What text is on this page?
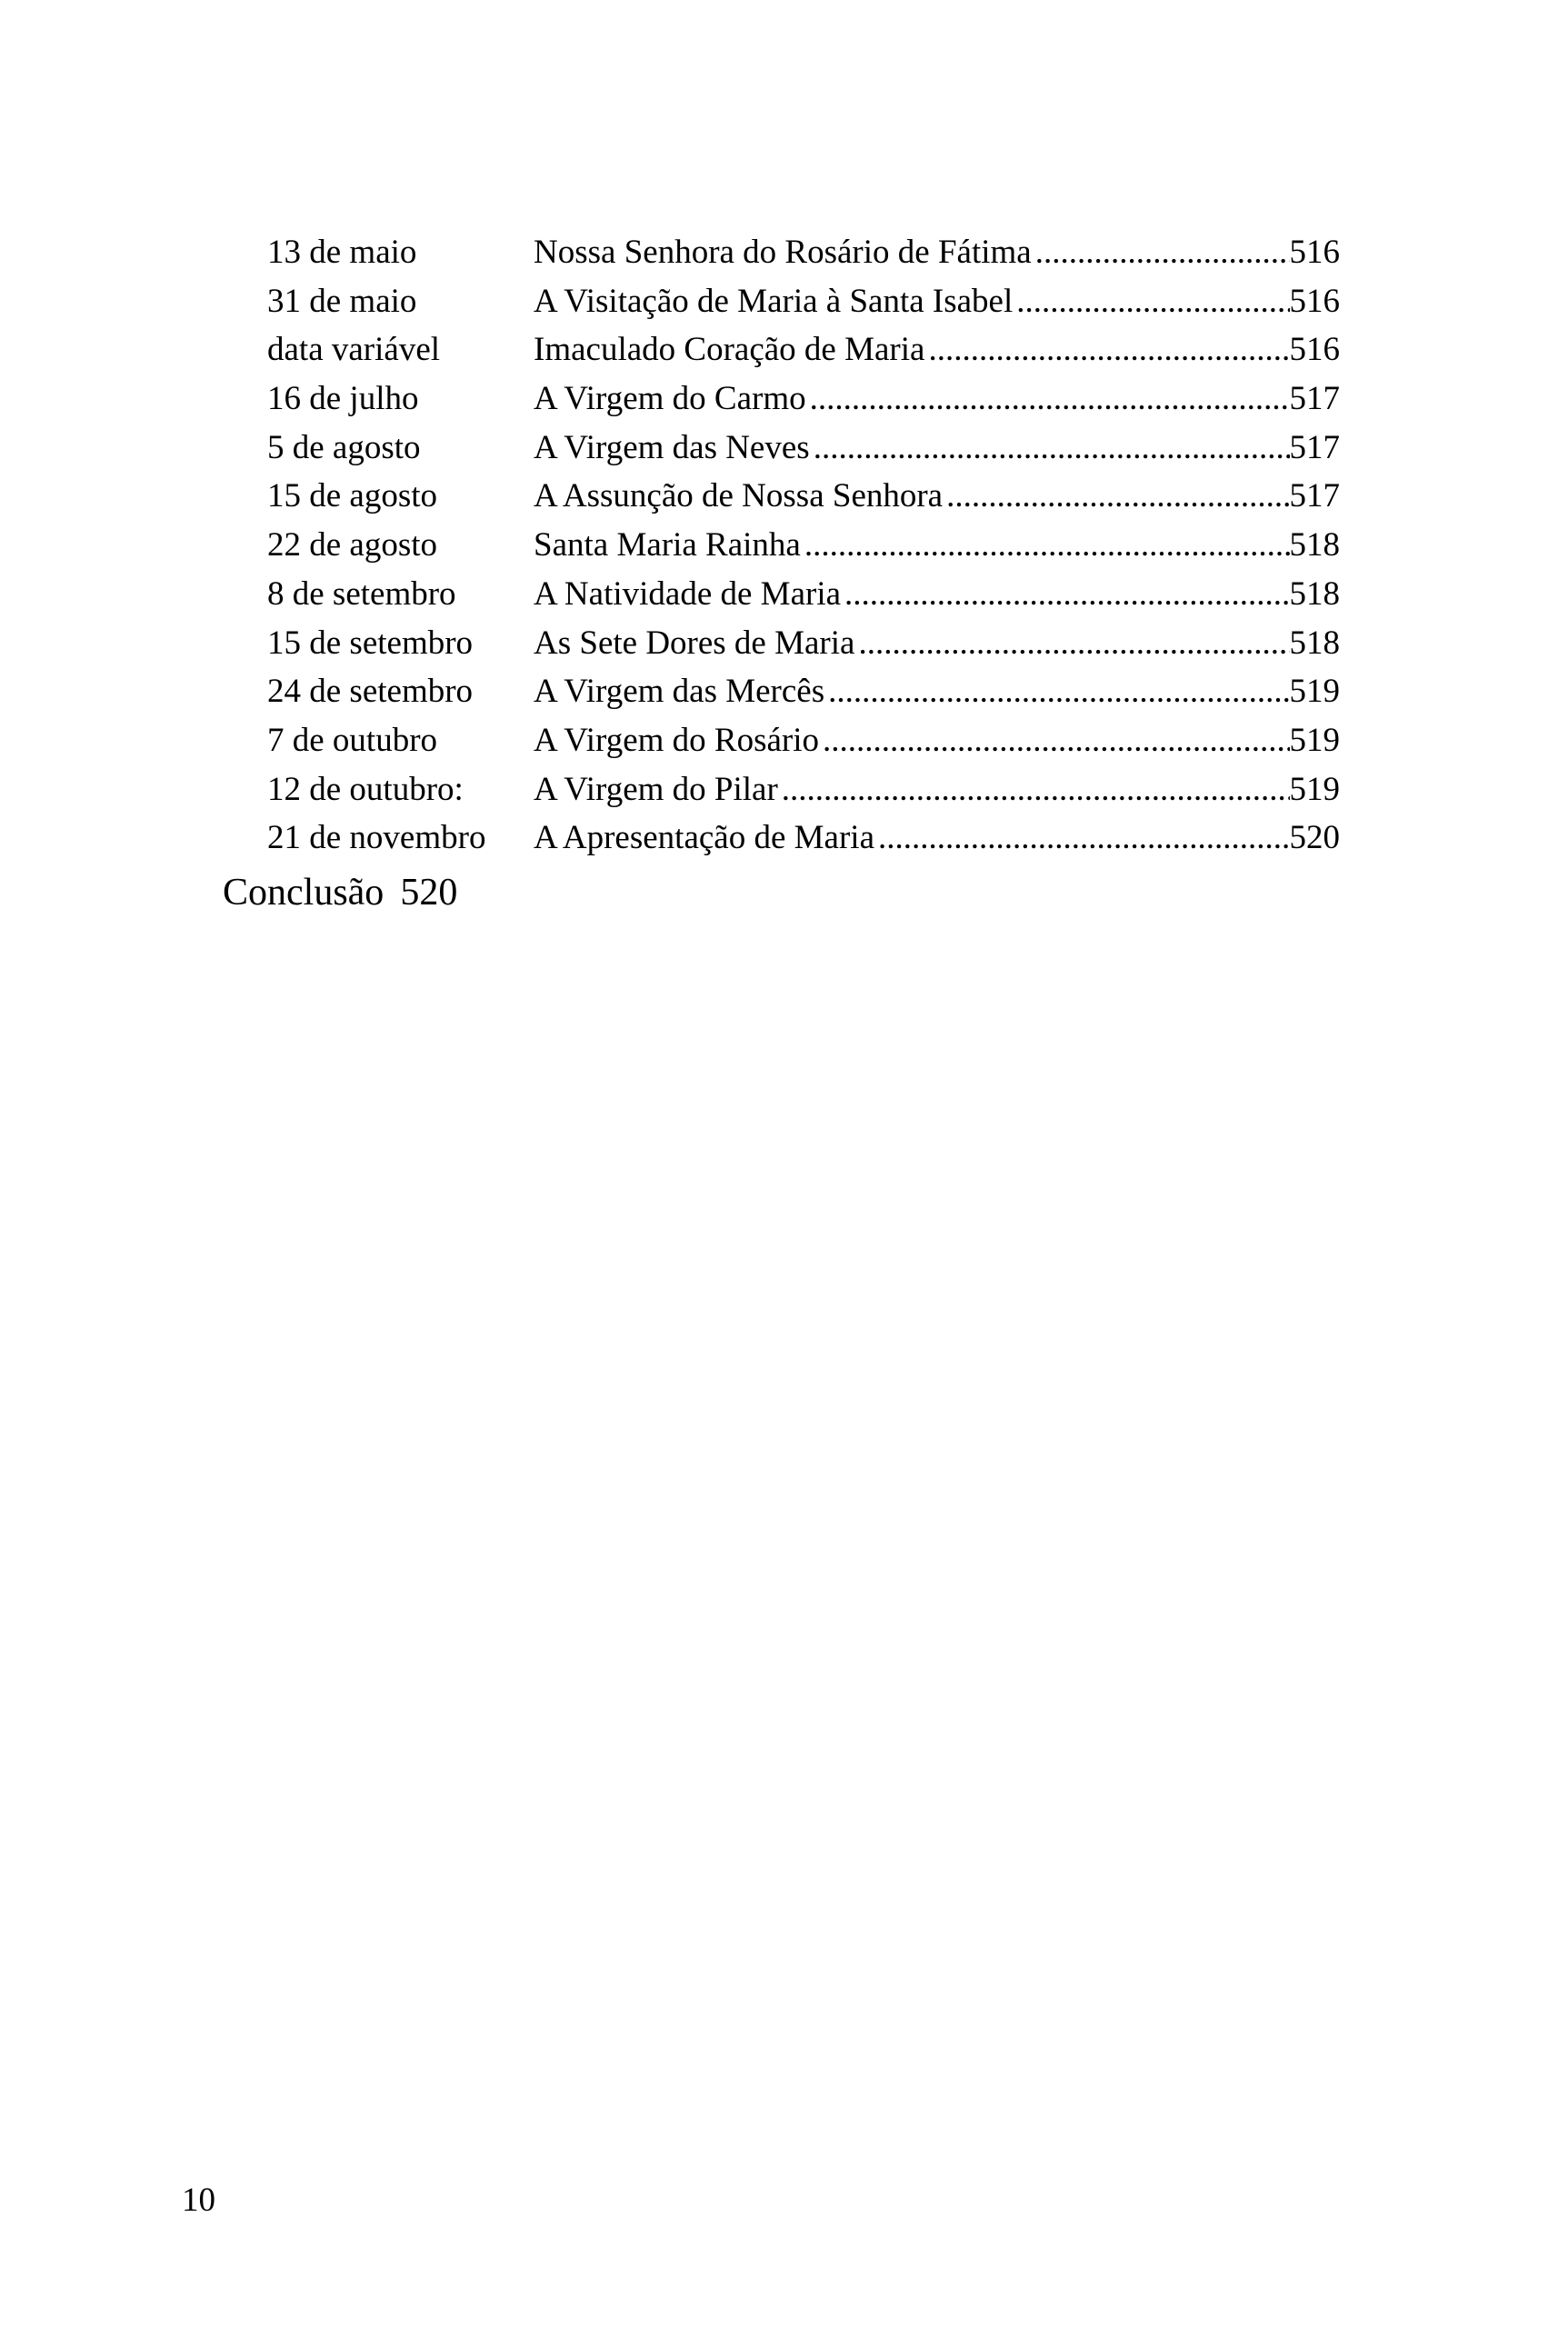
13 de maio	Nossa Senhora do Rosário de Fátima .....	516
31 de maio	A Visitação de Maria à Santa Isabel .....	516
data variável	Imaculado Coração de Maria .....	516
16 de julho	A Virgem do Carmo .....	517
5 de agosto	A Virgem das Neves .....	517
15 de agosto	A Assunção de Nossa Senhora .....	517
22 de agosto	Santa Maria Rainha .....	518
8 de setembro A Natividade de Maria .....	518
15 de setembro As Sete Dores de Maria .....	518
24 de setembro A Virgem das Mercês .....	519
7 de outubro	A Virgem do Rosário .....	519
12 de outubro: A Virgem do Pilar .....	519
21 de novembro A Apresentação de Maria .....	520
Conclusão 520
10
